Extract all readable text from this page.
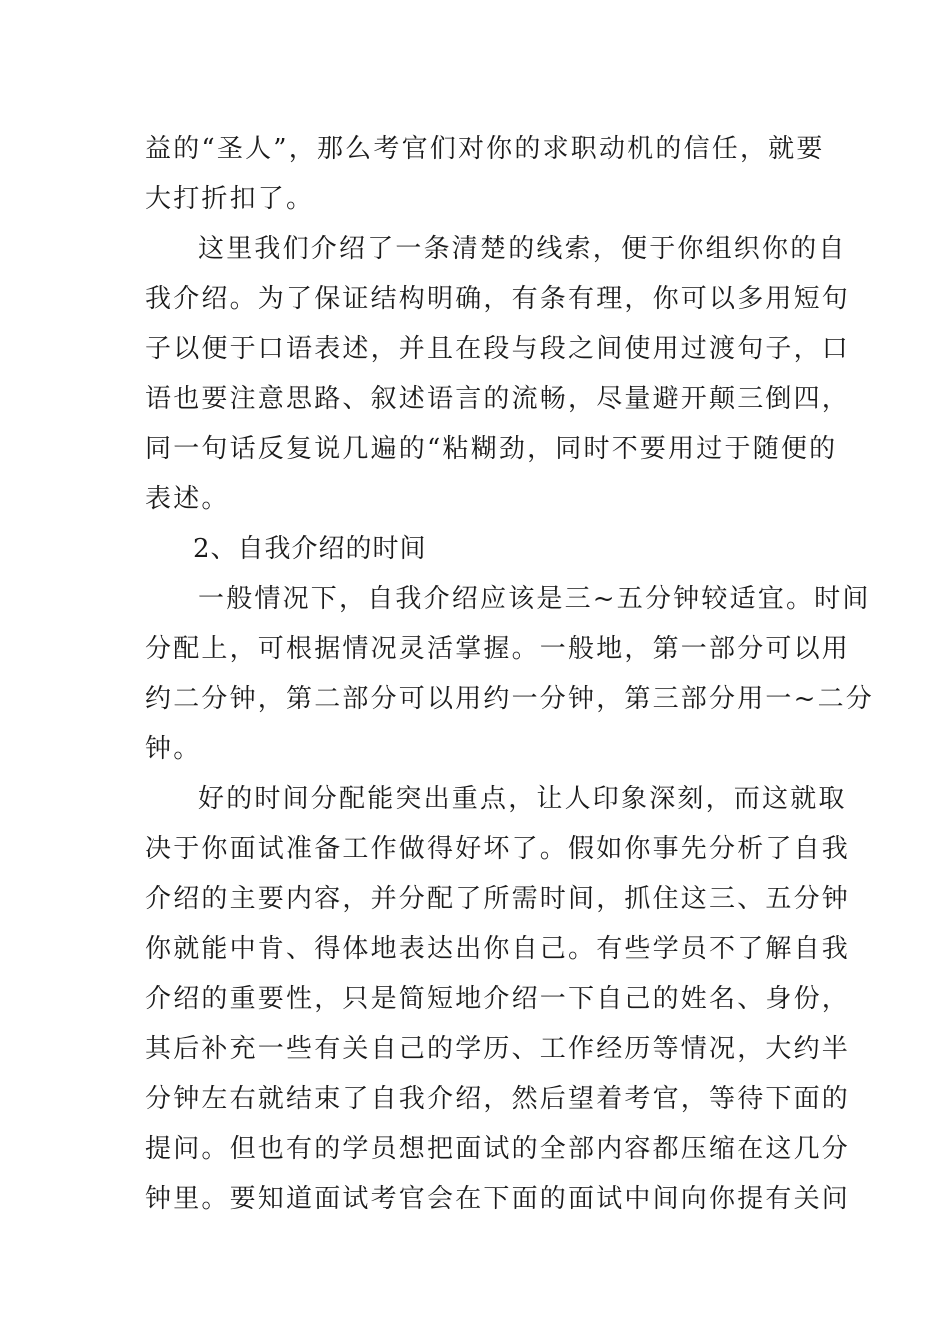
益的“圣人”，那么考官们对你的求职动机的信任，就要
大打折扣了。
这里我们介绍了一条清楚的线索，便于你组织你的自
我介绍。为了保证结构明确，有条有理，你可以多用短句
子以便于口语表述，并且在段与段之间使用过渡句子，口
语也要注意思路、叙述语言的流畅，尽量避开颠三倒四，
同一句话反复说几遍的“粘糊劲，同时不要用过于随便的
表述。
2、自我介绍的时间
一般情况下，自我介绍应该是三~五分钟较适宜。时间
分配上，可根据情况灵活掌握。一般地，第一部分可以用
约二分钟，第二部分可以用约一分钟，第三部分用一~二分
钟。
好的时间分配能突出重点，让人印象深刻，而这就取
决于你面试准备工作做得好坏了。假如你事先分析了自我
介绍的主要内容，并分配了所需时间，抓住这三、五分钟
你就能中肯、得体地表达出你自己。有些学员不了解自我
介绍的重要性，只是简短地介绍一下自己的姓名、身份，
其后补充一些有关自己的学历、工作经历等情况，大约半
分钟左右就结束了自我介绍，然后望着考官，等待下面的
提问。但也有的学员想把面试的全部内容都压缩在这几分
钟里。要知道面试考官会在下面的面试中间向你提有关问
